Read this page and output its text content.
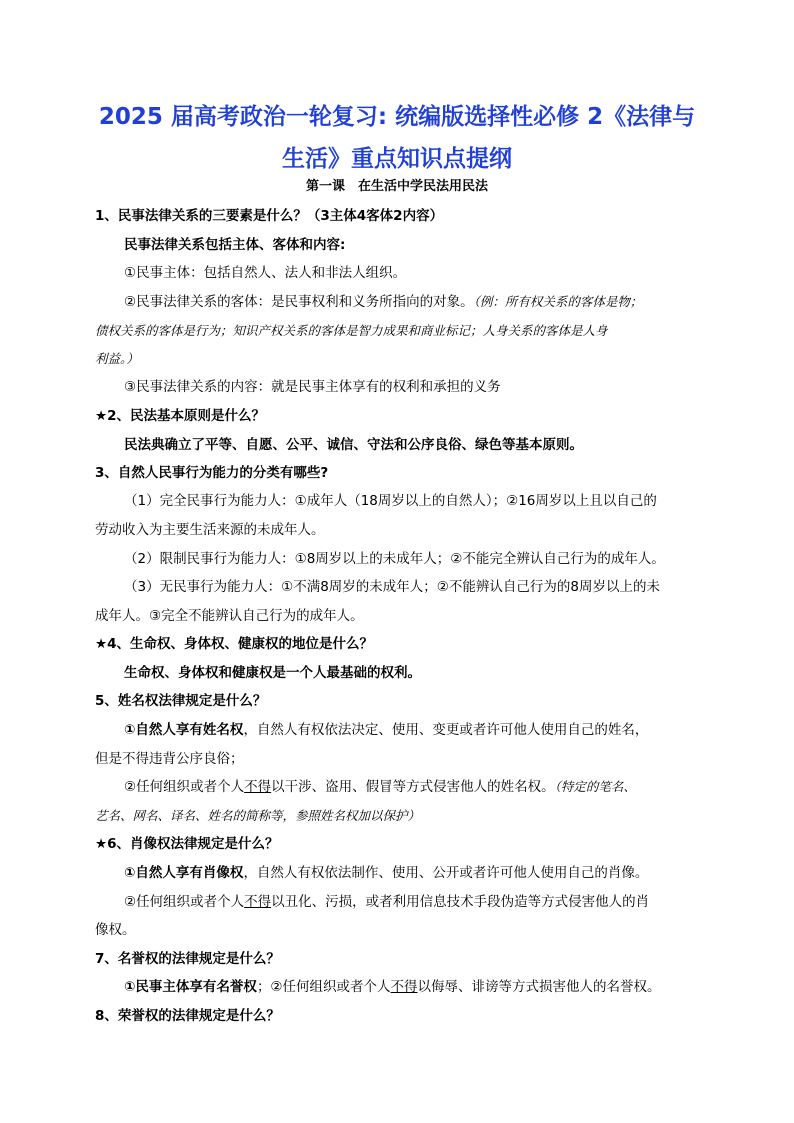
2025 届高考政治一轮复习: 统编版选择性必修 2《法律与
生活》重点知识点提纲
第一课　在生活中学民法用民法
1、民事法律关系的三要素是什么？（3主体4客体2内容）
民事法律关系包括主体、客体和内容:
①民事主体：包括自然人、法人和非法人组织。
②民事法律关系的客体：是民事权利和义务所指向的对象。（例：所有权关系的客体是物；
债权关系的客体是行为；知识产权关系的客体是智力成果和商业标记；人身关系的客体是人身
利益。）
③民事法律关系的内容：就是民事主体享有的权利和承担的义务
★2、民法基本原则是什么？
民法典确立了平等、自愿、公平、诚信、守法和公序良俗、绿色等基本原则。
3、自然人民事行为能力的分类有哪些?
（1）完全民事行为能力人：①成年人（18周岁以上的自然人）；②16周岁以上且以自己的
劳动收入为主要生活来源的未成年人。
（2）限制民事行为能力人：①8周岁以上的未成年人；②不能完全辨认自己行为的成年人。
（3）无民事行为能力人：①不满8周岁的未成年人；②不能辨认自己行为的8周岁以上的未
成年人。③完全不能辨认自己行为的成年人。
★4、生命权、身体权、健康权的地位是什么？
生命权、身体权和健康权是一个人最基础的权利。
5、姓名权法律规定是什么？
①自然人享有姓名权，自然人有权依法决定、使用、变更或者许可他人使用自己的姓名，
但是不得违背公序良俗；
②任何组织或者个人不得以干涉、盗用、假冒等方式侵害他人的姓名权。（特定的笔名、
艺名、网名、译名、姓名的简称等，参照姓名权加以保护）
★6、肖像权法律规定是什么？
①自然人享有肖像权，自然人有权依法制作、使用、公开或者许可他人使用自己的肖像。
②任何组织或者个人不得以丑化、污损，或者利用信息技术手段伪造等方式侵害他人的肖
像权。
7、名誉权的法律规定是什么？
①民事主体享有名誉权；②任何组织或者个人不得以侮辱、诽谤等方式损害他人的名誉权。
8、荣誉权的法律规定是什么？
